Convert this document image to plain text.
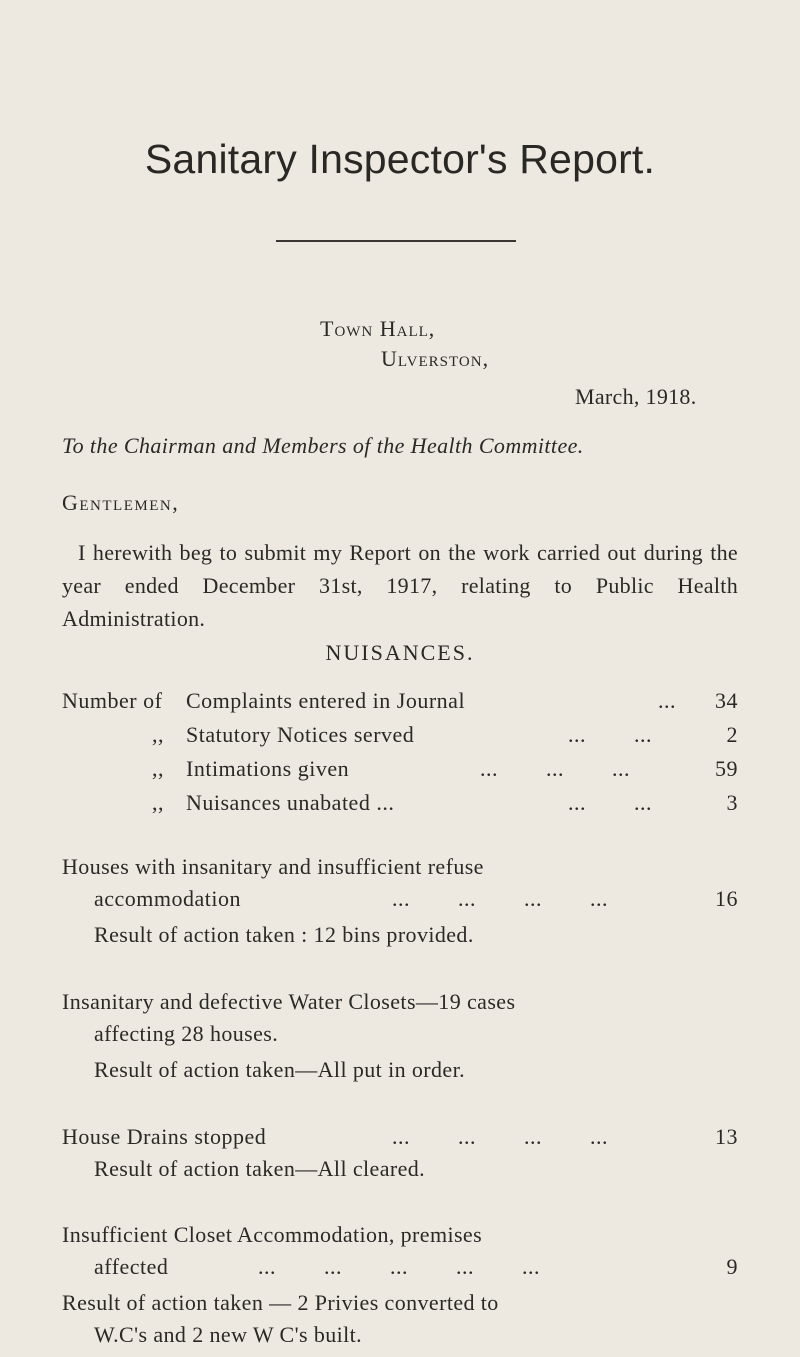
Sanitary Inspector's Report.
Town Hall,
Ulverston,
March, 1918.
To the Chairman and Members of the Health Committee.
Gentlemen,
I herewith beg to submit my Report on the work carried out during the year ended December 31st, 1917, relating to Public Health Administration.
NUISANCES.
Number of Complaints entered in Journal	... 34
,, Statutory Notices served	...        ...	2
,, Intimations given	...        ...        ...	59
,, Nuisances unabated ...	...        ...	3
Houses with insanitary and insufficient refuse
accommodation	...        ...        ...        ...	16
Result of action taken : 12 bins provided.
Insanitary and defective Water Closets—19 cases
affecting 28 houses.
Result of action taken—All put in order.
House Drains stopped	...        ...        ...        ...	13
Result of action taken—All cleared.
Insufficient Closet Accommodation, premises
affected	...        ...        ...        ...        ...	9
Result of action taken — 2 Privies converted to
W.C's and 2 new W C's built.
